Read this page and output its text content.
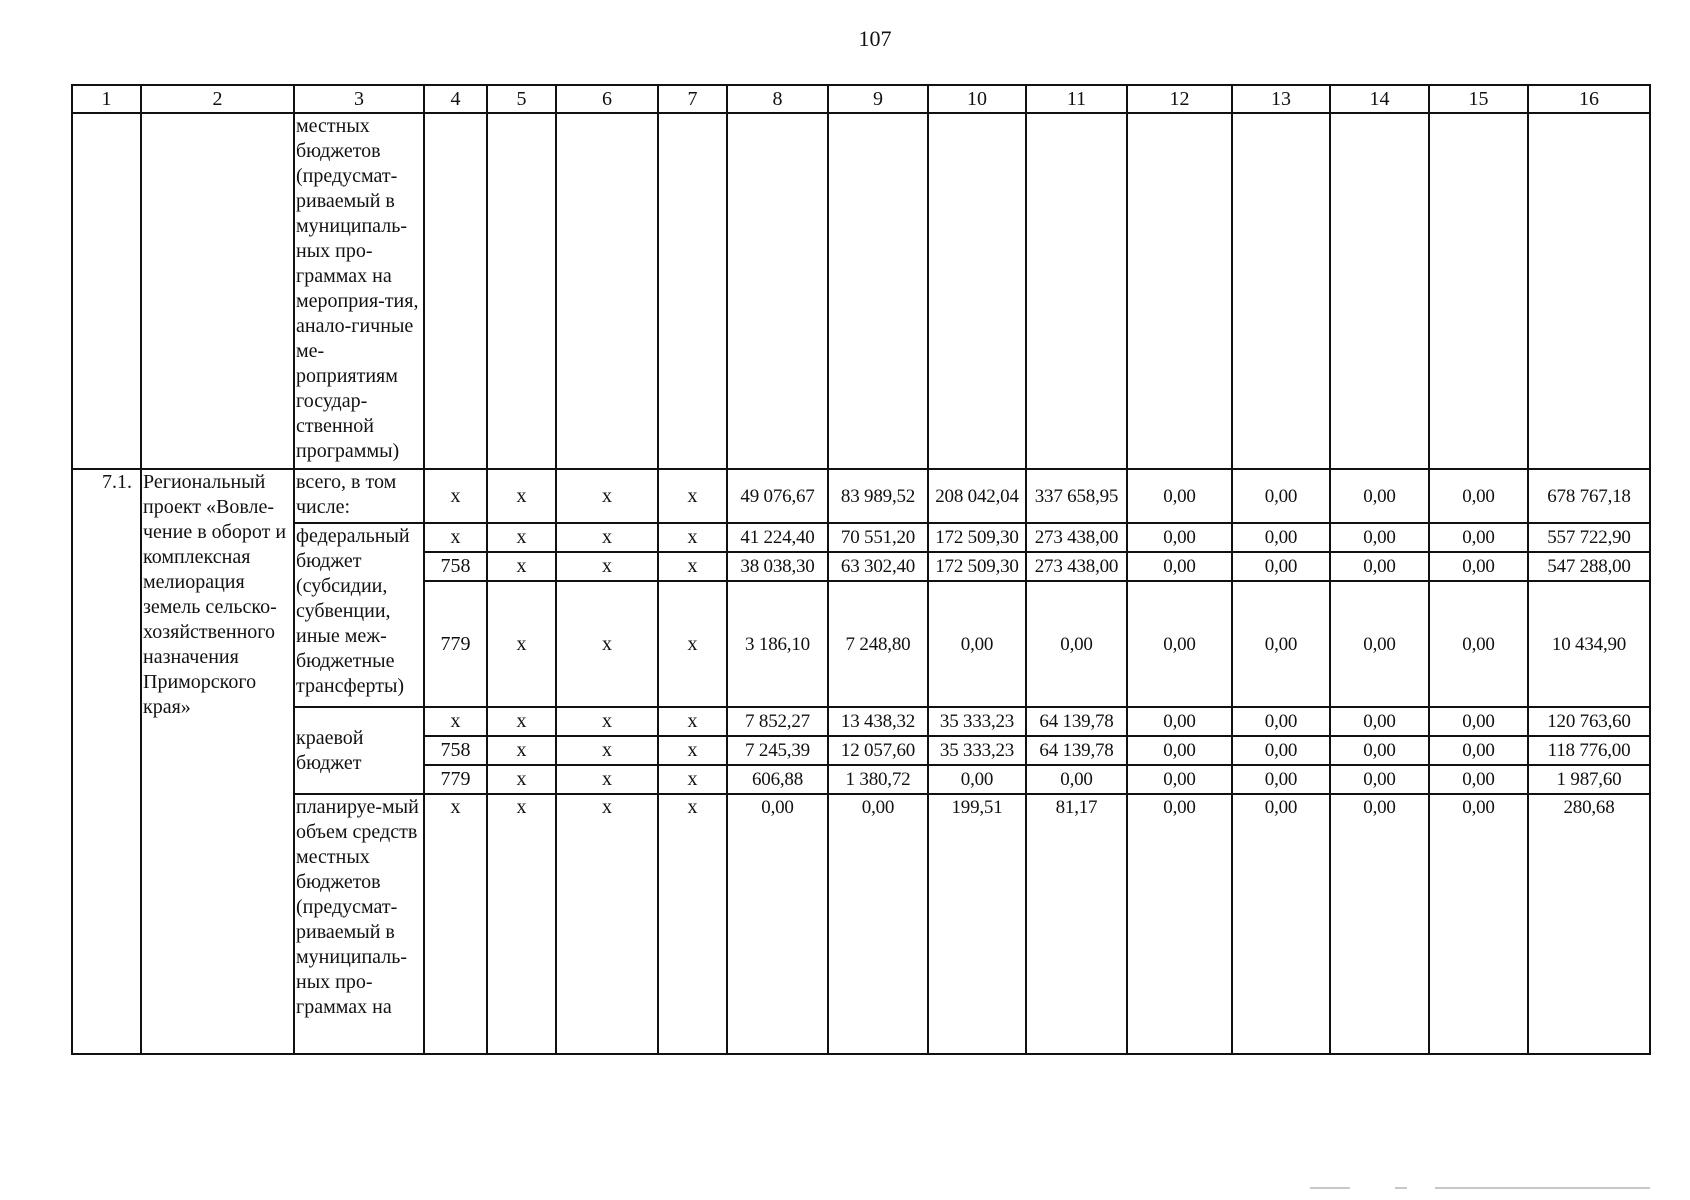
107
1	2	3	4	5	6	7	8	9	10	11	12	13	14	15	16
		местных бюджетов (предусмат-риваемый в муниципаль-ных про-граммах на мероприя-тия, анало-гичные ме-роприятиям государ-ственной программы)													
7.1.	Региональный проект «Вовле-чение в оборот и комплексная мелиорация земель сельско-хозяйственного назначения Приморского края»	всего, в том числе:	x	x	x	x	49 076,67	83 989,52	208 042,04	337 658,95	0,00	0,00	0,00	0,00	678 767,18
		федеральный бюджет (субсидии, субвенции, иные меж-бюджетные трансферты)	x	x	x	x	41 224,40	70 551,20	172 509,30	273 438,00	0,00	0,00	0,00	0,00	557 722,90
			758	x	x	x	38 038,30	63 302,40	172 509,30	273 438,00	0,00	0,00	0,00	0,00	547 288,00
			779	x	x	x	3 186,10	7 248,80	0,00	0,00	0,00	0,00	0,00	0,00	10 434,90
		краевой бюджет	x	x	x	x	7 852,27	13 438,32	35 333,23	64 139,78	0,00	0,00	0,00	0,00	120 763,60
			758	x	x	x	7 245,39	12 057,60	35 333,23	64 139,78	0,00	0,00	0,00	0,00	118 776,00
			779	x	x	x	606,88	1 380,72	0,00	0,00	0,00	0,00	0,00	0,00	1 987,60
		планируе-мый объем средств местных бюджетов (предусмат-риваемый в муниципаль-ных про-граммах на	x	x	x	x	0,00	0,00	199,51	81,17	0,00	0,00	0,00	0,00	280,68
